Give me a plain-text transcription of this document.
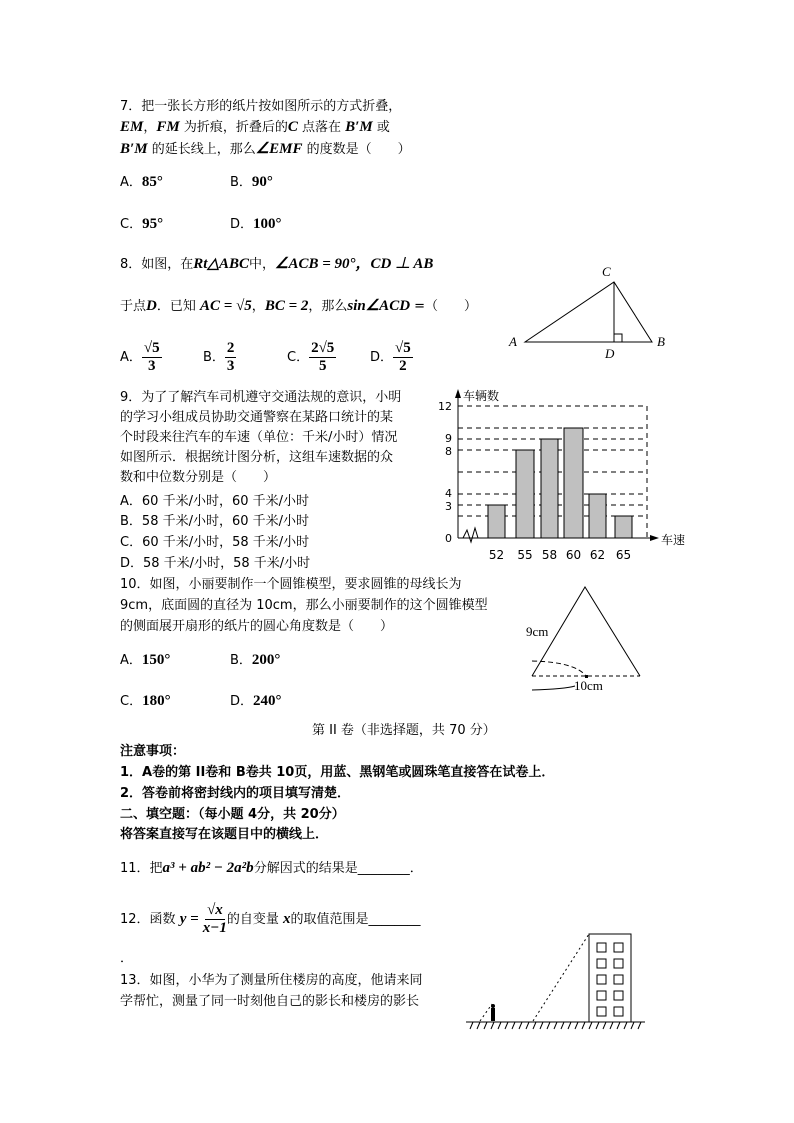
7．把一张长方形的纸片按如图所示的方式折叠，
EM，FM 为折痕，折叠后的C 点落在 B′M 或
B′M 的延长线上，那么∠EMF 的度数是（　　）
A．85°	B．90°
C．95°	D．100°
8．如图，在Rt△ABC中，∠ACB = 90°，CD ⊥ AB
于点D．已知 AC = √5，BC = 2，那么sin∠ACD =（　　）
A． $\frac{√5}{3}$	B． $\frac{2}{3}$	C． $\frac{2√5}{5}$	D． $\frac{√5}{2}$
C
A
D
B
车辆数
车速
52 55 58 60 62 65
0
3
4
8
9
12
9cm
10cm
9．为了了解汽车司机遵守交通法规的意识，小明
的学习小组成员协助交通警察在某路口统计的某
个时段来往汽车的车速（单位：千米/小时）情况
如图所示．根据统计图分析，这组车速数据的众
数和中位数分别是（　　）
A．60 千米/小时，60 千米/小时
B．58 千米/小时，60 千米/小时
C．60 千米/小时，58 千米/小时
D．58 千米/小时，58 千米/小时
10．如图，小丽要制作一个圆锥模型，要求圆锥的母线长为
9cm，底面圆的直径为 10cm，那么小丽要制作的这个圆锥模型
的侧面展开扇形的纸片的圆心角度数是（　　）
A．150°	B．200°
C．180°	D．240°
第 II 卷（非选择题，共 70 分）
注意事项：
1．A卷的第 II卷和 B卷共 10页，用蓝、黑钢笔或圆珠笔直接答在试卷上．
2．答卷前将密封线内的项目填写清楚．
二、填空题：（每小题 4分，共 20分）
将答案直接写在该题目中的横线上．
11．把a³ + ab² − 2a²b分解因式的结果是________．
12．函数 $y = \frac{√x}{x-1}$ 的自变量 x的取值范围是________
．
13．如图，小华为了测量所住楼房的高度，他请来同
学帮忙，测量了同一时刻他自己的影长和楼房的影长
